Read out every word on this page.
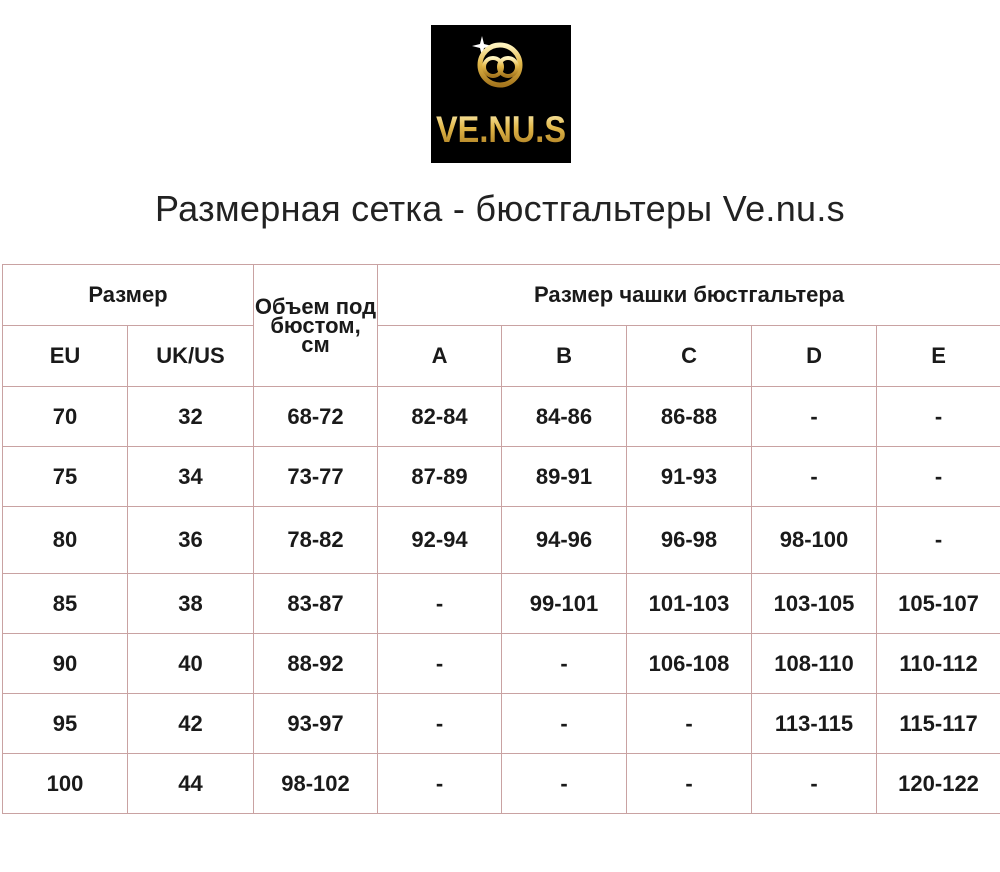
VE.NU.S
Размерная сетка - бюстгальтеры Ve.nu.s
Размер		Объем под бюстом, см	Размер чашки бюстгальтера				
EU	UK/US		A	B	C	D	E
70	32	68-72	82-84	84-86	86-88	-	-
75	34	73-77	87-89	89-91	91-93	-	-
80	36	78-82	92-94	94-96	96-98	98-100	-
85	38	83-87	-	99-101	101-103	103-105	105-107
90	40	88-92	-	-	106-108	108-110	110-112
95	42	93-97	-	-	-	113-115	115-117
100	44	98-102	-	-	-	-	120-122
